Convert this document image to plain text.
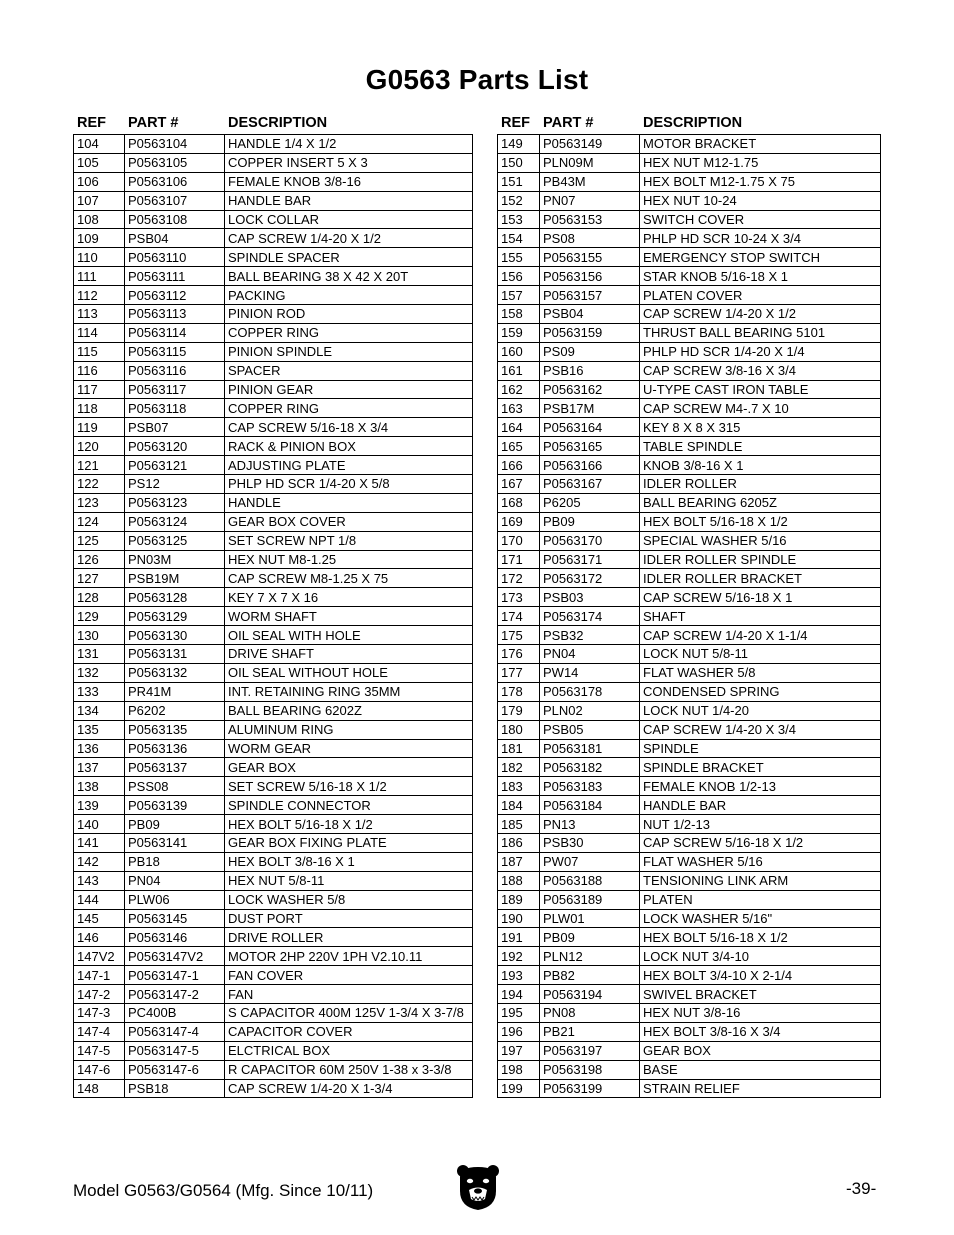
G0563 Parts List
REF PART #	DESCRIPTION
104	P0563104	HANDLE 1/4 X 1/2
105	P0563105	COPPER INSERT 5 X 3
106	P0563106	FEMALE KNOB 3/8-16
107	P0563107	HANDLE BAR
108	P0563108	LOCK COLLAR
109	PSB04	CAP SCREW 1/4-20 X 1/2
110	P0563110	SPINDLE SPACER
111	P0563111	BALL BEARING 38 X 42 X 20T
112	P0563112	PACKING
113	P0563113	PINION ROD
114	P0563114	COPPER RING
115	P0563115	PINION SPINDLE
116	P0563116	SPACER
117	P0563117	PINION GEAR
118	P0563118	COPPER RING
119	PSB07	CAP SCREW 5/16-18 X 3/4
120	P0563120	RACK & PINION BOX
121	P0563121	ADJUSTING PLATE
122	PS12	PHLP HD SCR 1/4-20 X 5/8
123	P0563123	HANDLE
124	P0563124	GEAR BOX COVER
125	P0563125	SET SCREW NPT 1/8
126	PN03M	HEX NUT M8-1.25
127	PSB19M	CAP SCREW M8-1.25 X 75
128	P0563128	KEY 7 X 7 X 16
129	P0563129	WORM SHAFT
130	P0563130	OIL SEAL WITH HOLE
131	P0563131	DRIVE SHAFT
132	P0563132	OIL SEAL WITHOUT HOLE
133	PR41M	INT. RETAINING RING 35MM
134	P6202	BALL BEARING 6202Z
135	P0563135	ALUMINUM RING
136	P0563136	WORM GEAR
137	P0563137	GEAR BOX
138	PSS08	SET SCREW 5/16-18 X 1/2
139	P0563139	SPINDLE CONNECTOR
140	PB09	HEX BOLT 5/16-18 X 1/2
141	P0563141	GEAR BOX FIXING PLATE
142	PB18	HEX BOLT 3/8-16 X 1
143	PN04	HEX NUT 5/8-11
144	PLW06	LOCK WASHER 5/8
145	P0563145	DUST PORT
146	P0563146	DRIVE ROLLER
147V2	P0563147V2	MOTOR 2HP 220V 1PH V2.10.11
147-1	P0563147-1	FAN COVER
147-2	P0563147-2	FAN
147-3	PC400B	S CAPACITOR 400M 125V 1-3/4 X 3-7/8
147-4	P0563147-4	CAPACITOR COVER
147-5	P0563147-5	ELCTRICAL BOX
147-6	P0563147-6	R CAPACITOR 60M 250V 1-38 x 3-3/8
148	PSB18	CAP SCREW 1/4-20 X 1-3/4
REF PART #	DESCRIPTION
149	P0563149	MOTOR BRACKET
150	PLN09M	HEX NUT M12-1.75
151	PB43M	HEX BOLT M12-1.75 X 75
152	PN07	HEX NUT 10-24
153	P0563153	SWITCH COVER
154	PS08	PHLP HD SCR 10-24 X 3/4
155	P0563155	EMERGENCY STOP SWITCH
156	P0563156	STAR KNOB 5/16-18 X 1
157	P0563157	PLATEN COVER
158	PSB04	CAP SCREW 1/4-20 X 1/2
159	P0563159	THRUST BALL BEARING 5101
160	PS09	PHLP HD SCR 1/4-20 X 1/4
161	PSB16	CAP SCREW 3/8-16 X 3/4
162	P0563162	U-TYPE CAST IRON TABLE
163	PSB17M	CAP SCREW M4-.7 X 10
164	P0563164	KEY 8 X 8 X 315
165	P0563165	TABLE SPINDLE
166	P0563166	KNOB 3/8-16 X 1
167	P0563167	IDLER ROLLER
168	P6205	BALL BEARING 6205Z
169	PB09	HEX BOLT 5/16-18 X 1/2
170	P0563170	SPECIAL WASHER 5/16
171	P0563171	IDLER ROLLER SPINDLE
172	P0563172	IDLER ROLLER BRACKET
173	PSB03	CAP SCREW 5/16-18 X 1
174	P0563174	SHAFT
175	PSB32	CAP SCREW 1/4-20 X 1-1/4
176	PN04	LOCK NUT 5/8-11
177	PW14	FLAT WASHER 5/8
178	P0563178	CONDENSED SPRING
179	PLN02	LOCK NUT 1/4-20
180	PSB05	CAP SCREW 1/4-20 X 3/4
181	P0563181	SPINDLE
182	P0563182	SPINDLE BRACKET
183	P0563183	FEMALE KNOB 1/2-13
184	P0563184	HANDLE BAR
185	PN13	NUT 1/2-13
186	PSB30	CAP SCREW 5/16-18 X 1/2
187	PW07	FLAT WASHER 5/16
188	P0563188	TENSIONING LINK ARM
189	P0563189	PLATEN
190	PLW01	LOCK WASHER 5/16"
191	PB09	HEX BOLT 5/16-18 X 1/2
192	PLN12	LOCK NUT 3/4-10
193	PB82	HEX BOLT 3/4-10 X 2-1/4
194	P0563194	SWIVEL BRACKET
195	PN08	HEX NUT 3/8-16
196	PB21	HEX BOLT 3/8-16 X 3/4
197	P0563197	GEAR BOX
198	P0563198	BASE
199	P0563199	STRAIN RELIEF
Model G0563/G0564 (Mfg. Since 10/11)	-39-
